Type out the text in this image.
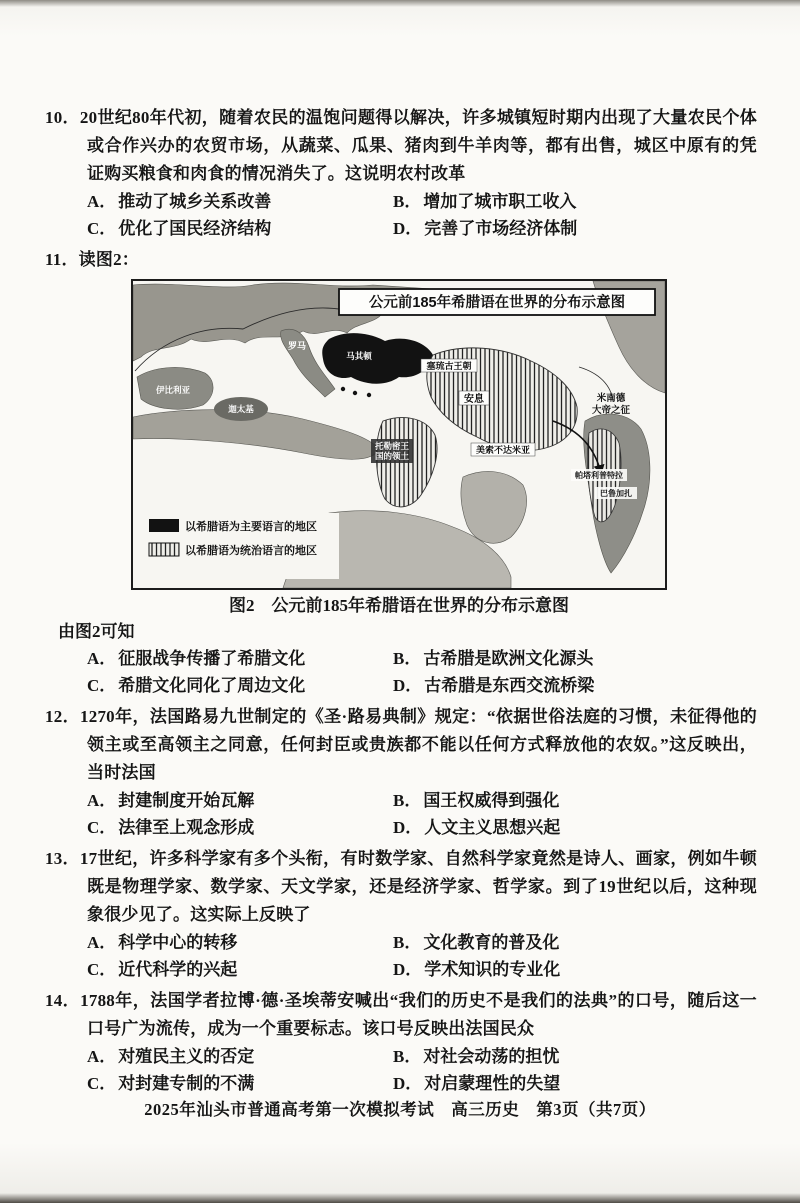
10．20世纪80年代初，随着农民的温饱问题得以解决，许多城镇短时期内出现了大量农民个体或合作兴办的农贸市场，从蔬菜、瓜果、猪肉到牛羊肉等，都有出售，城区中原有的凭证购买粮食和肉食的情况消失了。这说明农村改革

A． 推动了城乡关系改善	B． 增加了城市职工收入

C． 优化了国民经济结构	D． 完善了市场经济体制

11．读图2：

公元前185年希腊语在世界的分布示意图
伊比利亚
罗马
迦太基
马其顿
塞琉古王朝
安息
美索不达米亚
托勒密王
国的领土
米南德
大帝之征
帕塔利普特拉
巴鲁加扎
以希腊语为主要语言的地区
以希腊语为统治语言的地区

图2　公元前185年希腊语在世界的分布示意图

由图2可知

A． 征服战争传播了希腊文化	B． 古希腊是欧洲文化源头

C． 希腊文化同化了周边文化	D． 古希腊是东西交流桥梁

12．1270年，法国路易九世制定的《圣·路易典制》规定：“依据世俗法庭的习惯，未征得他的领主或至高领主之同意，任何封臣或贵族都不能以任何方式释放他的农奴。”这反映出，当时法国

A． 封建制度开始瓦解	B． 国王权威得到强化

C． 法律至上观念形成	D． 人文主义思想兴起

13．17世纪，许多科学家有多个头衔，有时数学家、自然科学家竟然是诗人、画家，例如牛顿既是物理学家、数学家、天文学家，还是经济学家、哲学家。到了19世纪以后，这种现象很少见了。这实际上反映了

A． 科学中心的转移	B． 文化教育的普及化

C． 近代科学的兴起	D． 学术知识的专业化

14．1788年，法国学者拉博·德·圣埃蒂安喊出“我们的历史不是我们的法典”的口号，随后这一口号广为流传，成为一个重要标志。该口号反映出法国民众

A． 对殖民主义的否定	B． 对社会动荡的担忧

C． 对封建专制的不满	D． 对启蒙理性的失望

2025年汕头市普通高考第一次模拟考试　高三历史　第3页（共7页）
